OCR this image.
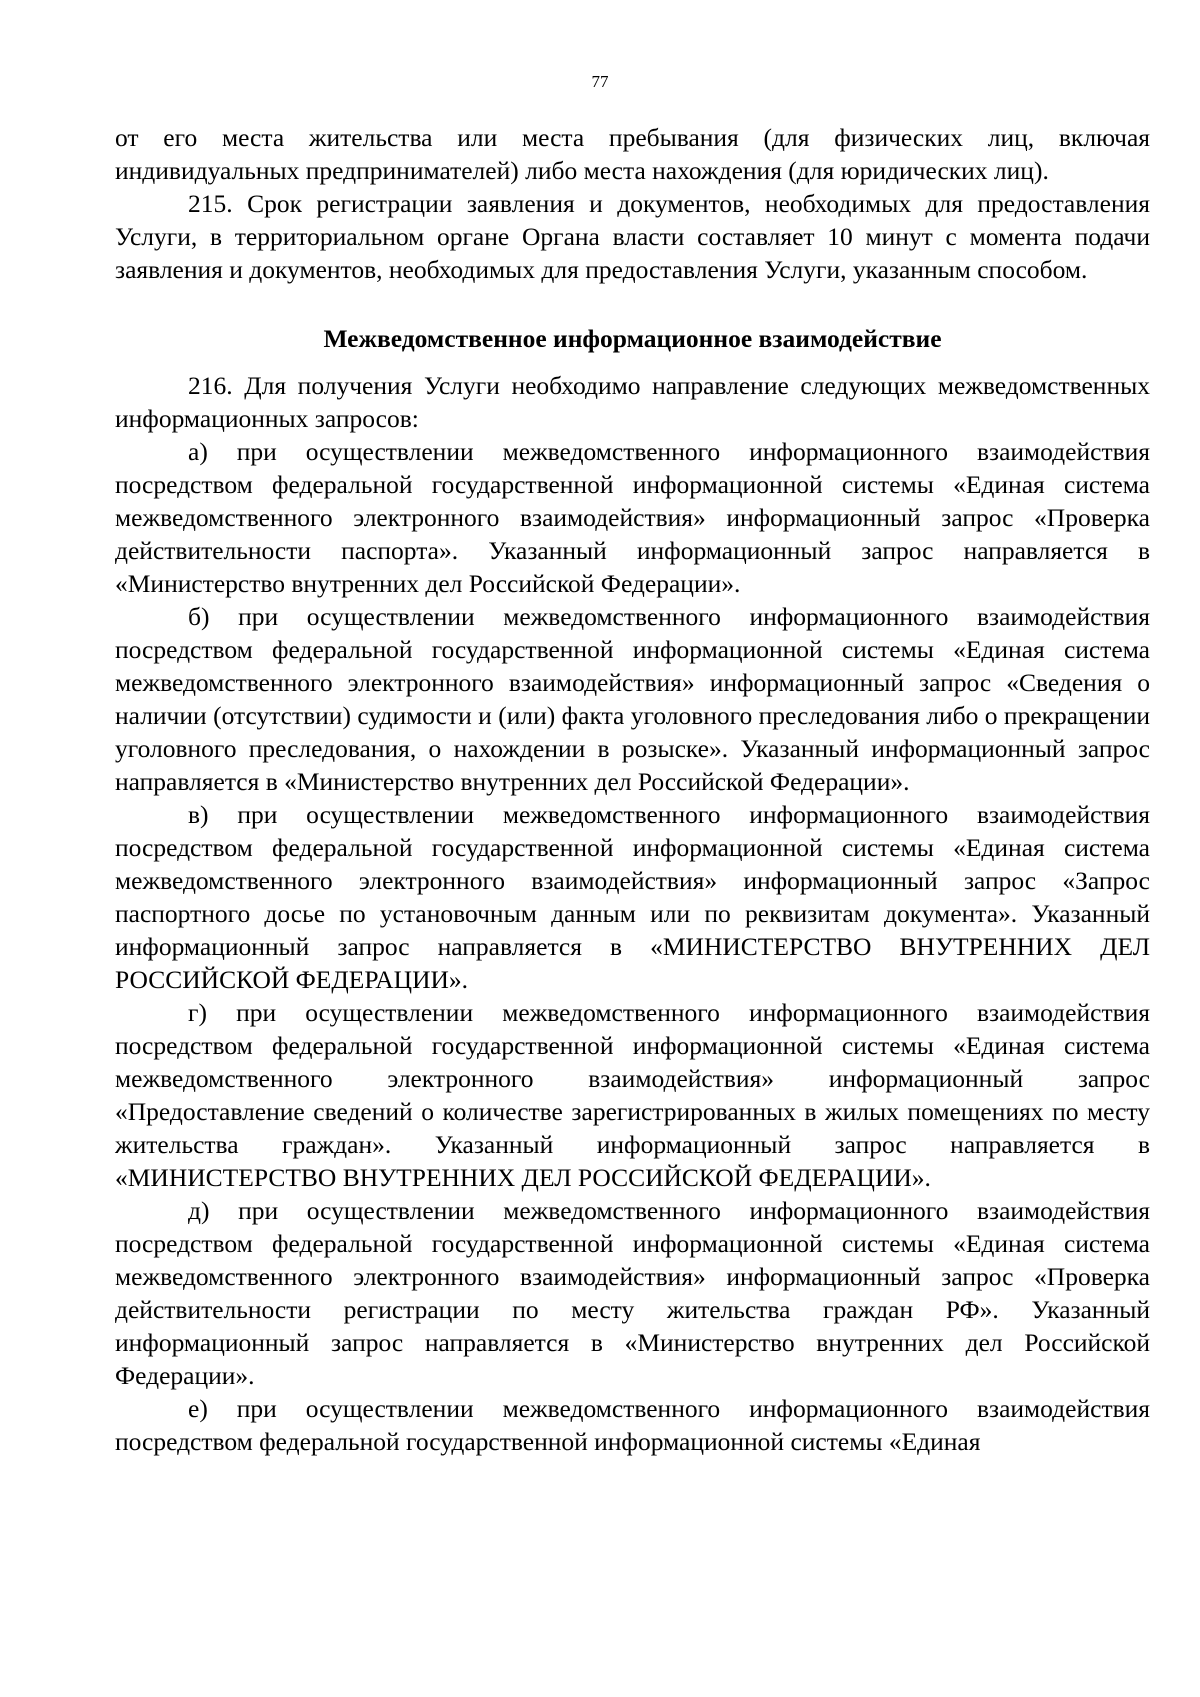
77

от его места жительства или места пребывания (для физических лиц, включая индивидуальных предпринимателей) либо места нахождения (для юридических лиц).

215. Срок регистрации заявления и документов, необходимых для предоставления Услуги, в территориальном органе Органа власти составляет 10 минут с момента подачи заявления и документов, необходимых для предоставления Услуги, указанным способом.

Межведомственное информационное взаимодействие

216. Для получения Услуги необходимо направление следующих межведомственных информационных запросов:

а) при осуществлении межведомственного информационного взаимодействия посредством федеральной государственной информационной системы «Единая система межведомственного электронного взаимодействия» информационный запрос «Проверка действительности паспорта». Указанный информационный запрос направляется в «Министерство внутренних дел Российской Федерации».

б) при осуществлении межведомственного информационного взаимодействия посредством федеральной государственной информационной системы «Единая система межведомственного электронного взаимодействия» информационный запрос «Сведения о наличии (отсутствии) судимости и (или) факта уголовного преследования либо о прекращении уголовного преследования, о нахождении в розыске». Указанный информационный запрос направляется в «Министерство внутренних дел Российской Федерации».

в) при осуществлении межведомственного информационного взаимодействия посредством федеральной государственной информационной системы «Единая система межведомственного электронного взаимодействия» информационный запрос «Запрос паспортного досье по установочным данным или по реквизитам документа». Указанный информационный запрос направляется в «МИНИСТЕРСТВО ВНУТРЕННИХ ДЕЛ РОССИЙСКОЙ ФЕДЕРАЦИИ».

г) при осуществлении межведомственного информационного взаимодействия посредством федеральной государственной информационной системы «Единая система межведомственного электронного взаимодействия» информационный запрос «Предоставление сведений о количестве зарегистрированных в жилых помещениях по месту жительства граждан». Указанный информационный запрос направляется в «МИНИСТЕРСТВО ВНУТРЕННИХ ДЕЛ РОССИЙСКОЙ ФЕДЕРАЦИИ».

д) при осуществлении межведомственного информационного взаимодействия посредством федеральной государственной информационной системы «Единая система межведомственного электронного взаимодействия» информационный запрос «Проверка действительности регистрации по месту жительства граждан РФ». Указанный информационный запрос направляется в «Министерство внутренних дел Российской Федерации».

е) при осуществлении межведомственного информационного взаимодействия посредством федеральной государственной информационной системы «Единая
